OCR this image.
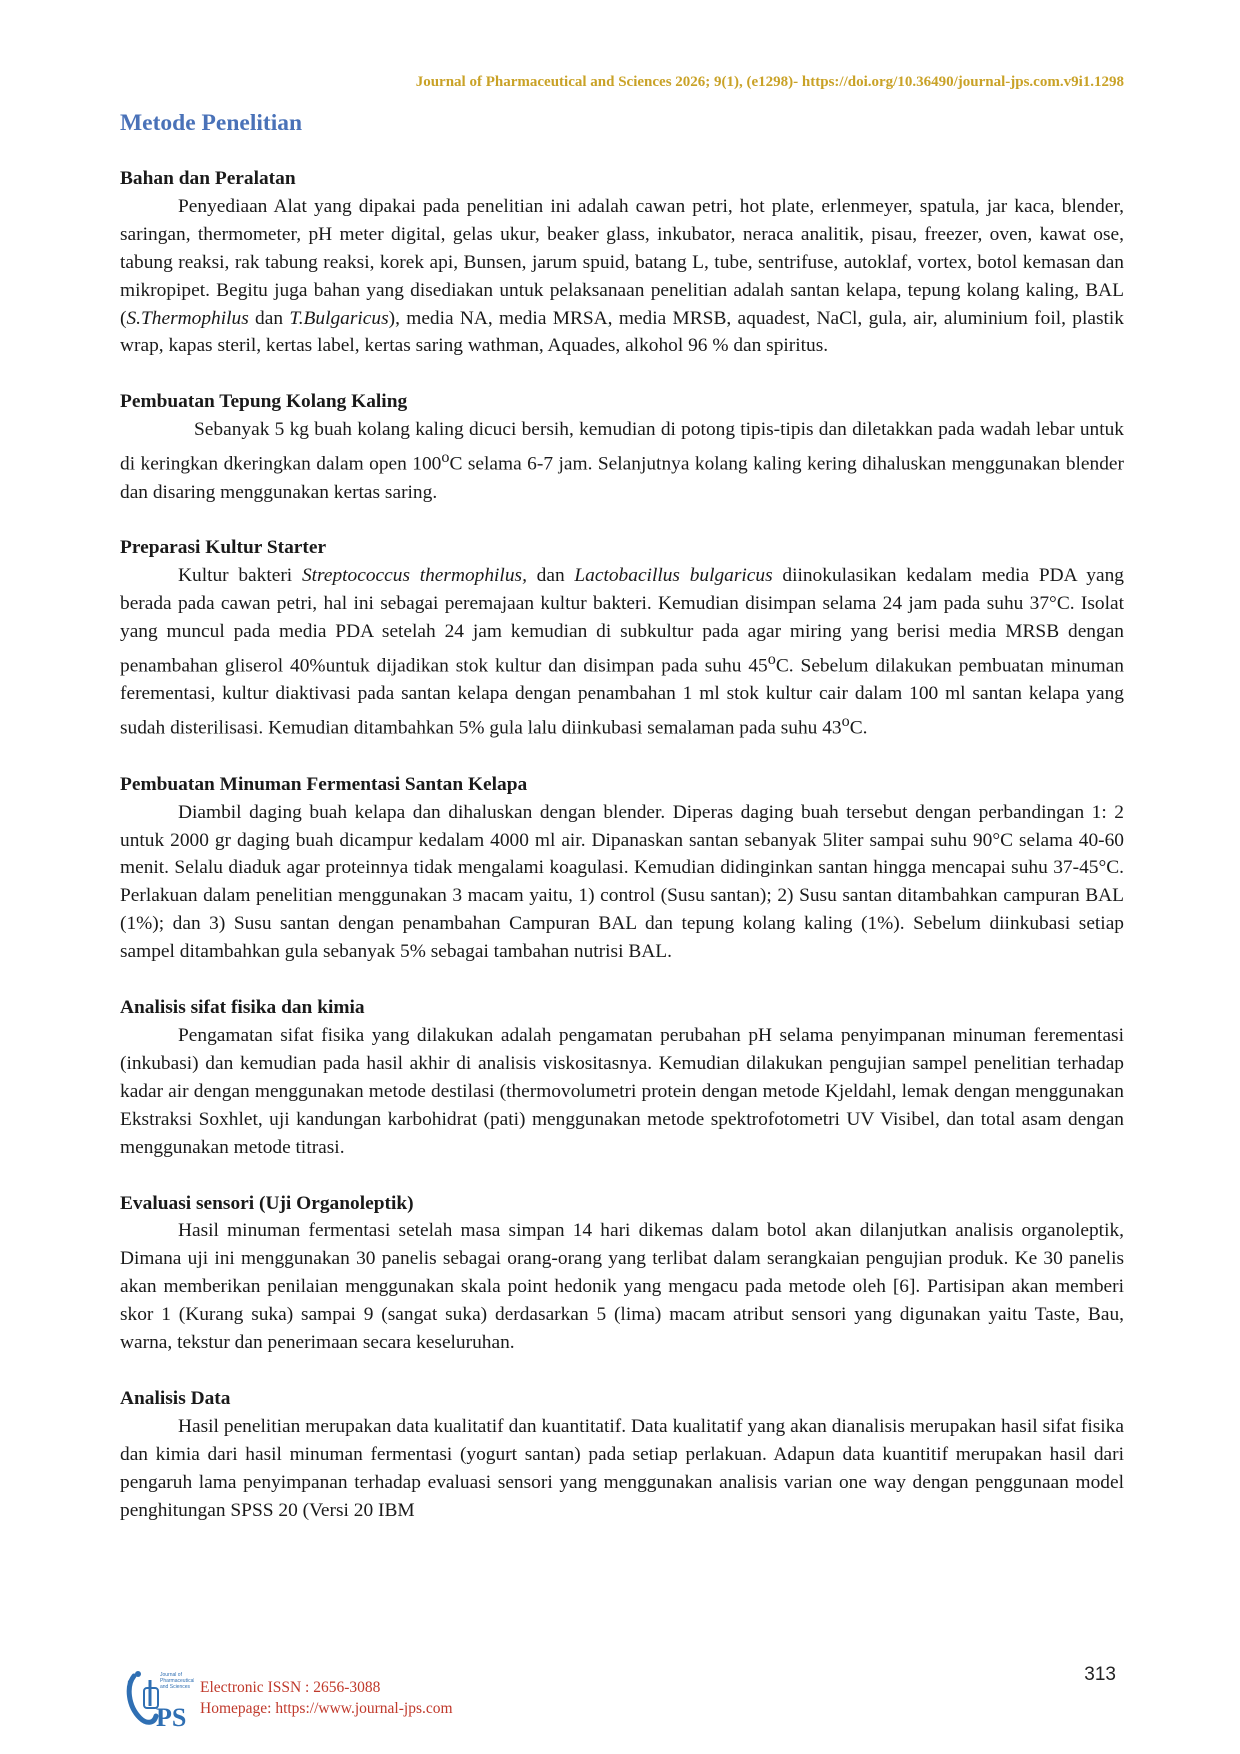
Journal of Pharmaceutical and Sciences 2026; 9(1), (e1298)- https://doi.org/10.36490/journal-jps.com.v9i1.1298
Metode Penelitian

Bahan dan Peralatan

Penyediaan Alat yang dipakai pada penelitian ini adalah cawan petri, hot plate, erlenmeyer, spatula, jar kaca, blender, saringan, thermometer, pH meter digital, gelas ukur, beaker glass, inkubator, neraca analitik, pisau, freezer, oven, kawat ose, tabung reaksi, rak tabung reaksi, korek api, Bunsen, jarum spuid, batang L, tube, sentrifuse, autoklaf, vortex, botol kemasan dan mikropipet. Begitu juga bahan yang disediakan untuk pelaksanaan penelitian adalah santan kelapa, tepung kolang kaling, BAL (S.Thermophilus dan T.Bulgaricus), media NA, media MRSA, media MRSB, aquadest, NaCl, gula, air, aluminium foil, plastik wrap, kapas steril, kertas label, kertas saring wathman, Aquades, alkohol 96 % dan spiritus.

Pembuatan Tepung Kolang Kaling

Sebanyak 5 kg buah kolang kaling dicuci bersih, kemudian di potong tipis-tipis dan diletakkan pada wadah lebar untuk di keringkan dkeringkan dalam open 100$^o$C selama 6-7 jam. Selanjutnya kolang kaling kering dihaluskan menggunakan blender dan disaring menggunakan kertas saring.

Preparasi Kultur Starter

Kultur bakteri Streptococcus thermophilus, dan Lactobacillus bulgaricus diinokulasikan kedalam media PDA yang berada pada cawan petri, hal ini sebagai peremajaan kultur bakteri. Kemudian disimpan selama 24 jam pada suhu 37°C. Isolat yang muncul pada media PDA setelah 24 jam kemudian di subkultur pada agar miring yang berisi media MRSB dengan penambahan gliserol 40%untuk dijadikan stok kultur dan disimpan pada suhu 45$^o$C. Sebelum dilakukan pembuatan minuman ferementasi, kultur diaktivasi pada santan kelapa dengan penambahan 1 ml stok kultur cair dalam 100 ml santan kelapa yang sudah disterilisasi. Kemudian ditambahkan 5% gula lalu diinkubasi semalaman pada suhu 43$^o$C.

Pembuatan Minuman Fermentasi Santan Kelapa

Diambil daging buah kelapa dan dihaluskan dengan blender. Diperas daging buah tersebut dengan perbandingan 1: 2 untuk 2000 gr daging buah dicampur kedalam 4000 ml air. Dipanaskan santan sebanyak 5liter sampai suhu 90°C selama 40-60 menit. Selalu diaduk agar proteinnya tidak mengalami koagulasi. Kemudian didinginkan santan hingga mencapai suhu 37-45°C. Perlakuan dalam penelitian menggunakan 3 macam yaitu, 1) control (Susu santan); 2) Susu santan ditambahkan campuran BAL (1%); dan 3) Susu santan dengan penambahan Campuran BAL dan tepung kolang kaling (1%). Sebelum diinkubasi setiap sampel ditambahkan gula sebanyak 5% sebagai tambahan nutrisi BAL.

Analisis sifat fisika dan kimia

Pengamatan sifat fisika yang dilakukan adalah pengamatan perubahan pH selama penyimpanan minuman ferementasi (inkubasi) dan kemudian pada hasil akhir di analisis viskositasnya. Kemudian dilakukan pengujian sampel penelitian terhadap kadar air dengan menggunakan metode destilasi (thermovolumetri protein dengan metode Kjeldahl, lemak dengan menggunakan Ekstraksi Soxhlet, uji kandungan karbohidrat (pati) menggunakan metode spektrofotometri UV Visibel, dan total asam dengan menggunakan metode titrasi.

Evaluasi sensori (Uji Organoleptik)

Hasil minuman fermentasi setelah masa simpan 14 hari dikemas dalam botol akan dilanjutkan analisis organoleptik, Dimana uji ini menggunakan 30 panelis sebagai orang-orang yang terlibat dalam serangkaian pengujian produk. Ke 30 panelis akan memberikan penilaian menggunakan skala point hedonik yang mengacu pada metode oleh [6]. Partisipan akan memberi skor 1 (Kurang suka) sampai 9 (sangat suka) derdasarkan 5 (lima) macam atribut sensori yang digunakan yaitu Taste, Bau, warna, tekstur dan penerimaan secara keseluruhan.

Analisis Data

Hasil penelitian merupakan data kualitatif dan kuantitatif. Data kualitatif yang akan dianalisis merupakan hasil sifat fisika dan kimia dari hasil minuman fermentasi (yogurt santan) pada setiap perlakuan. Adapun data kuantitif merupakan hasil dari pengaruh lama penyimpanan terhadap evaluasi sensori yang menggunakan analisis varian one way dengan penggunaan model penghitungan SPSS 20 (Versi 20 IBM

313
PS
Journal of
Pharmaceutical
and Sciences Electronic ISSN : 2656-3088
Homepage: https://www.journal-jps.com
